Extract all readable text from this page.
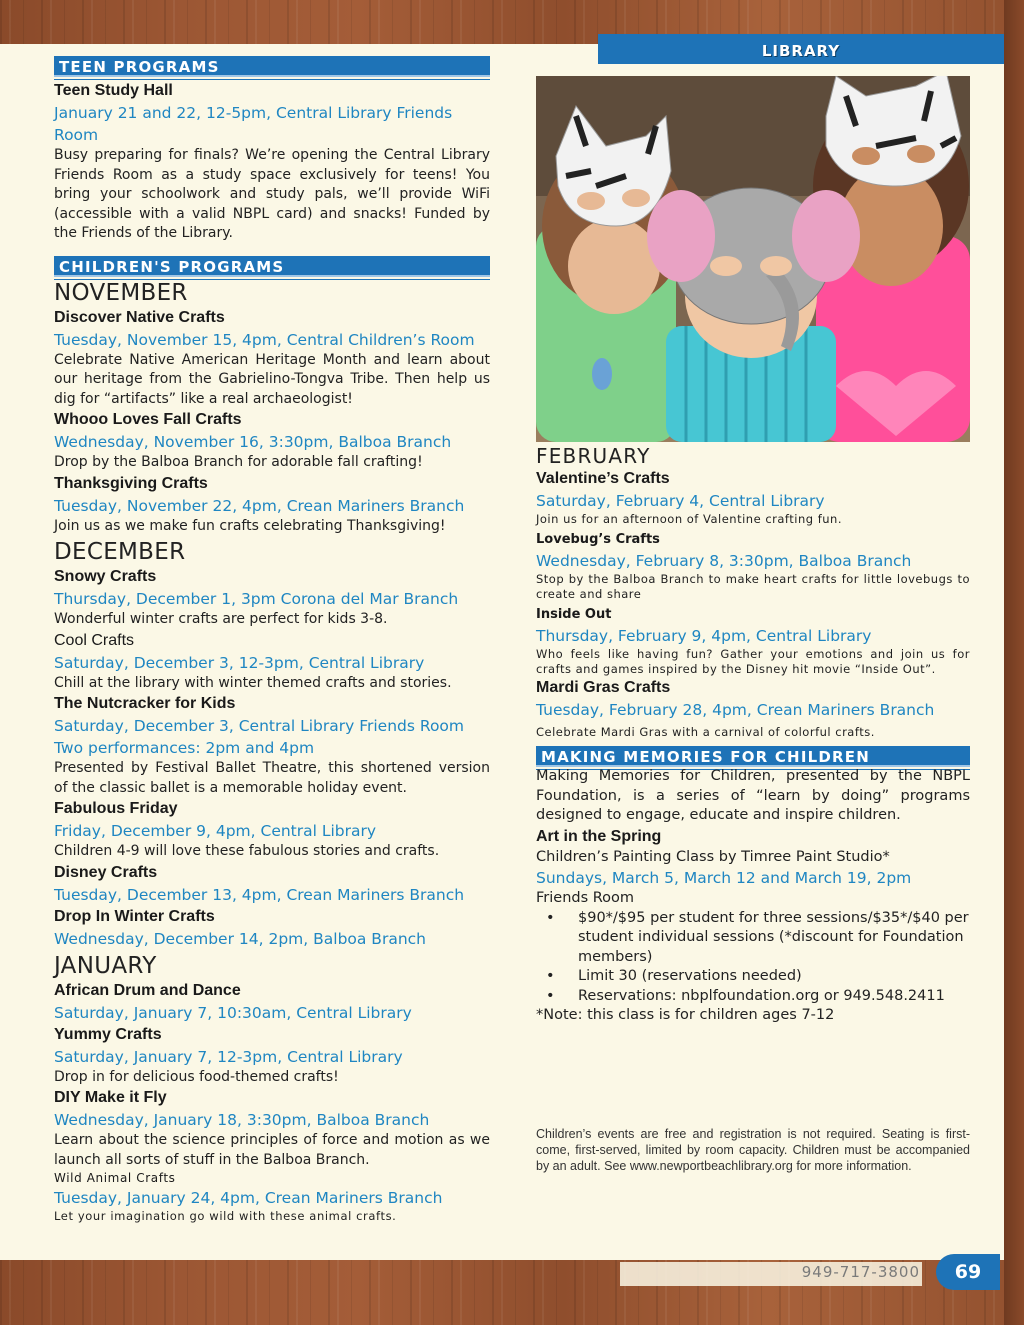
LIBRARY
TEEN PROGRAMS
Teen Study Hall
January 21 and 22, 12-5pm, Central Library Friends Room
Busy preparing for finals? We’re opening the Central Library Friends Room as a study space exclusively for teens! You bring your schoolwork and study pals, we’ll provide WiFi (accessible with a valid NBPL card) and snacks! Funded by the Friends of the Library.
CHILDREN'S PROGRAMS
NOVEMBER
Discover Native Crafts
Tuesday, November 15, 4pm, Central Children’s Room
Celebrate Native American Heritage Month and learn about our heritage from the Gabrielino-Tongva Tribe. Then help us dig for “artifacts” like a real archaeologist!
Whooo Loves Fall Crafts
Wednesday, November 16, 3:30pm, Balboa Branch
Drop by the Balboa Branch for adorable fall crafting!
Thanksgiving Crafts
Tuesday, November 22, 4pm, Crean Mariners Branch
Join us as we make fun crafts celebrating Thanksgiving!
DECEMBER
Snowy Crafts
Thursday, December 1, 3pm Corona del Mar Branch
Wonderful winter crafts are perfect for kids 3-8.
Cool Crafts
Saturday, December 3, 12-3pm, Central Library
Chill at the library with winter themed crafts and stories.
The Nutcracker for Kids
Saturday, December 3, Central Library Friends Room
Two performances: 2pm and 4pm
Presented by Festival Ballet Theatre, this shortened version of the classic ballet is a memorable holiday event.
Fabulous Friday
Friday, December 9, 4pm, Central Library
Children 4-9 will love these fabulous stories and crafts.
Disney Crafts
Tuesday, December 13, 4pm, Crean Mariners Branch
Drop In Winter Crafts
Wednesday, December 14, 2pm, Balboa Branch
JANUARY
African Drum and Dance
Saturday, January 7, 10:30am, Central Library
Yummy Crafts
Saturday, January 7, 12-3pm, Central Library
Drop in for delicious food-themed crafts!
DIY Make it Fly
Wednesday, January 18, 3:30pm, Balboa Branch
Learn about the science principles of force and motion as we launch all sorts of stuff in the Balboa Branch.
Wild Animal Crafts
Tuesday, January 24, 4pm, Crean Mariners Branch
Let your imagination go wild with these animal crafts.
FEBRUARY
Valentine’s Crafts
Saturday, February 4, Central Library
Join us for an afternoon of Valentine crafting fun.
Lovebug’s Crafts
Wednesday, February 8, 3:30pm, Balboa Branch
Stop by the Balboa Branch to make heart crafts for little lovebugs to create and share
Inside Out
Thursday, February 9, 4pm, Central Library
Who feels like having fun? Gather your emotions and join us for crafts and games inspired by the Disney hit movie “Inside Out”.
Mardi Gras Crafts
Tuesday, February 28, 4pm, Crean Mariners Branch
Celebrate Mardi Gras with a carnival of colorful crafts.
MAKING MEMORIES FOR CHILDREN
Making Memories for Children, presented by the NBPL Foundation, is a series of “learn by doing” programs designed to engage, educate and inspire children.
Art in the Spring
Children’s Painting Class by Timree Paint Studio*
Sundays, March 5, March 12 and March 19, 2pm
Friends Room
• $90*/$95 per student for three sessions/$35*/$40 per student individual sessions (*discount for Foundation members)
• Limit 30 (reservations needed)
• Reservations: nbplfoundation.org or 949.548.2411
*Note: this class is for children ages 7-12
Children’s events are free and registration is not required. Seating is first-come, first-served, limited by room capacity. Children must be accompanied by an adult. See www.newportbeachlibrary.org for more information.
949-717-3800	69
